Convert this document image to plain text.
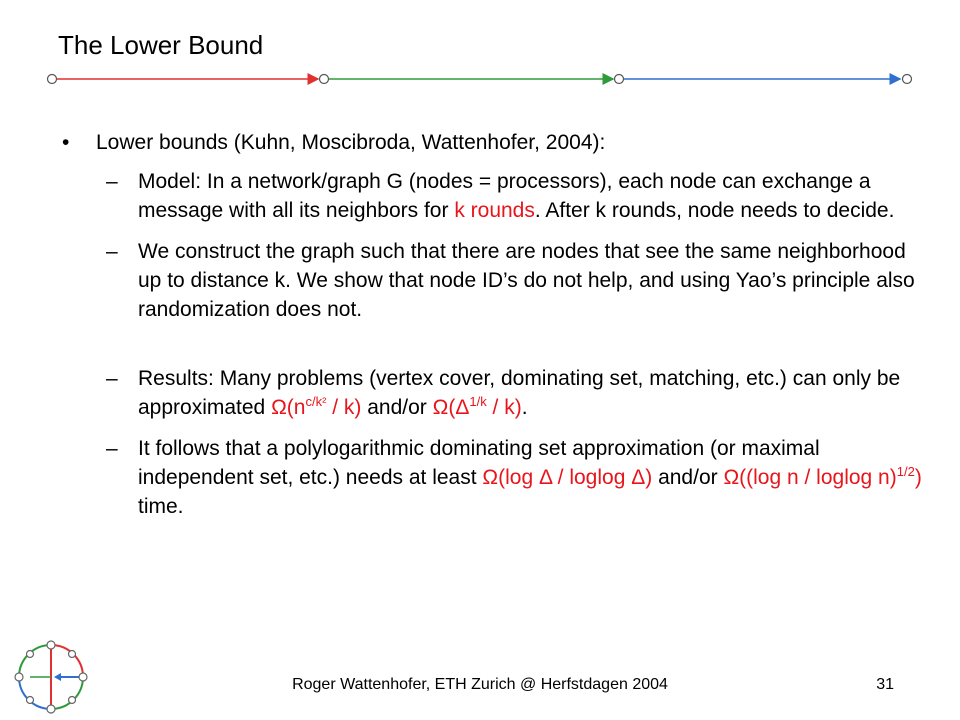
The Lower Bound
• Lower bounds (Kuhn, Moscibroda, Wattenhofer, 2004):
– Model: In a network/graph G (nodes = processors), each node can exchange a message with all its neighbors for k rounds. After k rounds, node needs to decide.
– We construct the graph such that there are nodes that see the same neighborhood up to distance k. We show that node ID’s do not help, and using Yao’s principle also randomization does not.
– Results: Many problems (vertex cover, dominating set, matching, etc.) can only be approximated $\Omega(n^{c/k^2} / k)$ and/or $\Omega(\Delta^{1/k} / k)$.
– It follows that a polylogarithmic dominating set approximation (or maximal independent set, etc.) needs at least Ω(log Δ / loglog Δ) and/or Ω((log n / loglog n)$^{1/2}$) time.
Roger Wattenhofer, ETH Zurich @ Herfstdagen 2004	31
